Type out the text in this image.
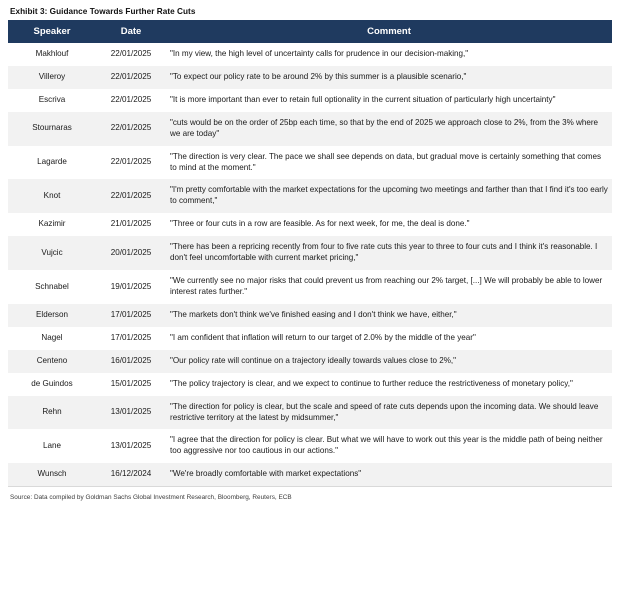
Exhibit 3: Guidance Towards Further Rate Cuts
Speaker	Date	Comment
Makhlouf	22/01/2025	"In my view, the high level of uncertainty calls for prudence in our decision-making,"
Villeroy	22/01/2025	"To expect our policy rate to be around 2% by this summer is a plausible scenario,"
Escriva	22/01/2025	"It is more important than ever to retain full optionality in the current situation of particularly high uncertainty"
Stournaras	22/01/2025	"cuts would be on the order of 25bp each time, so that by the end of 2025 we approach close to 2%, from the 3% where we are today"
Lagarde	22/01/2025	"The direction is very clear. The pace we shall see depends on data, but gradual move is certainly something that comes to mind at the moment."
Knot	22/01/2025	"I'm pretty comfortable with the market expectations for the upcoming two meetings and farther than that I find it's too early to comment,"
Kazimir	21/01/2025	"Three or four cuts in a row are feasible. As for next week, for me, the deal is done."
Vujcic	20/01/2025	"There has been a repricing recently from four to five rate cuts this year to three to four cuts and I think it's reasonable. I don't feel uncomfortable with current market pricing,"
Schnabel	19/01/2025	"We currently see no major risks that could prevent us from reaching our 2% target, [...] We will probably be able to lower interest rates further."
Elderson	17/01/2025	"The markets don't think we've finished easing and I don't think we have, either,"
Nagel	17/01/2025	"I am confident that inflation will return to our target of 2.0% by the middle of the year"
Centeno	16/01/2025	"Our policy rate will continue on a trajectory ideally towards values close to 2%,"
de Guindos	15/01/2025	"The policy trajectory is clear, and we expect to continue to further reduce the restrictiveness of monetary policy,"
Rehn	13/01/2025	"The direction for policy is clear, but the scale and speed of rate cuts depends upon the incoming data. We should leave restrictive territory at the latest by midsummer,"
Lane	13/01/2025	"I agree that the direction for policy is clear. But what we will have to work out this year is the middle path of being neither too aggressive nor too cautious in our actions."
Wunsch	16/12/2024	"We're broadly comfortable with market expectations"
Source: Data compiled by Goldman Sachs Global Investment Research, Bloomberg, Reuters, ECB
